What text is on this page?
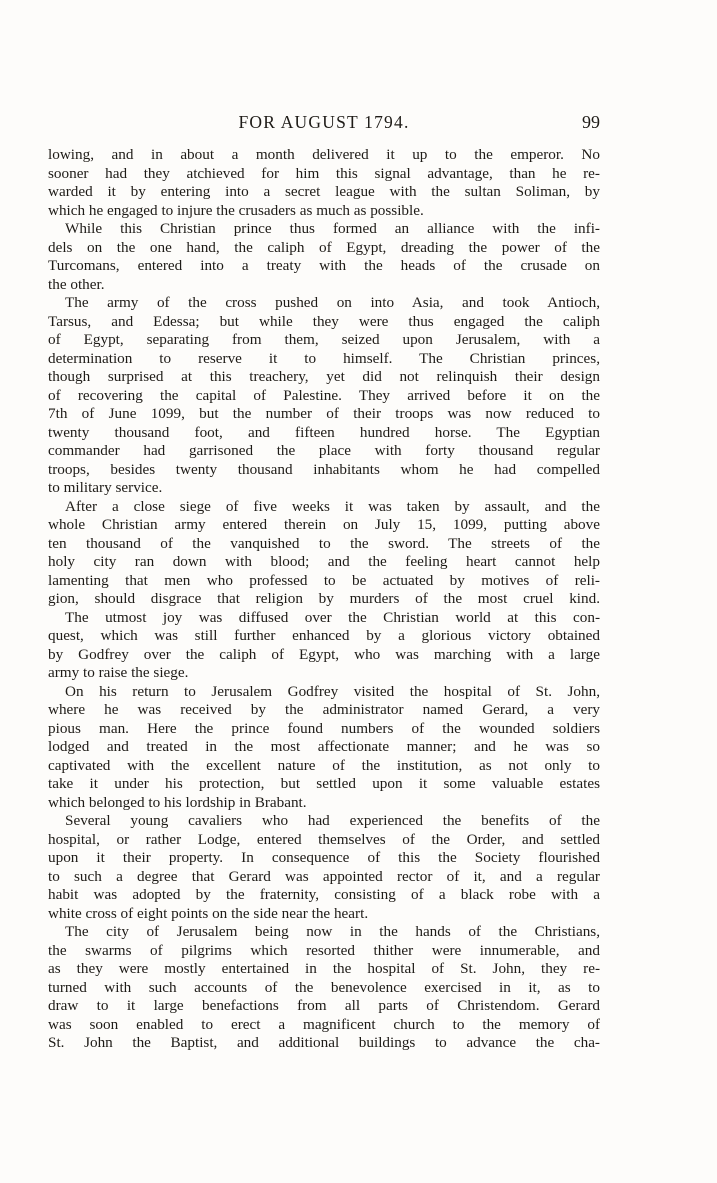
FOR AUGUST 1794.	99
lowing, and in about a month delivered it up to the emperor. No
sooner had they atchieved for him this signal advantage, than he re-
warded it by entering into a secret league with the sultan Soliman, by
which he engaged to injure the crusaders as much as possible.
While this Christian prince thus formed an alliance with the infi-
dels on the one hand, the caliph of Egypt, dreading the power of the
Turcomans, entered into a treaty with the heads of the crusade on
the other.
The army of the cross pushed on into Asia, and took Antioch,
Tarsus, and Edessa; but while they were thus engaged the caliph
of Egypt, separating from them, seized upon Jerusalem, with a
determination to reserve it to himself. The Christian princes,
though surprised at this treachery, yet did not relinquish their design
of recovering the capital of Palestine. They arrived before it on the
7th of June 1099, but the number of their troops was now reduced to
twenty thousand foot, and fifteen hundred horse. The Egyptian
commander had garrisoned the place with forty thousand regular
troops, besides twenty thousand inhabitants whom he had compelled
to military service.
After a close siege of five weeks it was taken by assault, and the
whole Christian army entered therein on July 15, 1099, putting above
ten thousand of the vanquished to the sword. The streets of the
holy city ran down with blood; and the feeling heart cannot help
lamenting that men who professed to be actuated by motives of reli-
gion, should disgrace that religion by murders of the most cruel kind.
The utmost joy was diffused over the Christian world at this con-
quest, which was still further enhanced by a glorious victory obtained
by Godfrey over the caliph of Egypt, who was marching with a large
army to raise the siege.
On his return to Jerusalem Godfrey visited the hospital of St. John,
where he was received by the administrator named Gerard, a very
pious man. Here the prince found numbers of the wounded soldiers
lodged and treated in the most affectionate manner; and he was so
captivated with the excellent nature of the institution, as not only to
take it under his protection, but settled upon it some valuable estates
which belonged to his lordship in Brabant.
Several young cavaliers who had experienced the benefits of the
hospital, or rather Lodge, entered themselves of the Order, and settled
upon it their property. In consequence of this the Society flourished
to such a degree that Gerard was appointed rector of it, and a regular
habit was adopted by the fraternity, consisting of a black robe with a
white cross of eight points on the side near the heart.
The city of Jerusalem being now in the hands of the Christians,
the swarms of pilgrims which resorted thither were innumerable, and
as they were mostly entertained in the hospital of St. John, they re-
turned with such accounts of the benevolence exercised in it, as to
draw to it large benefactions from all parts of Christendom. Gerard
was soon enabled to erect a magnificent church to the memory of
St. John the Baptist, and additional buildings to advance the cha-
